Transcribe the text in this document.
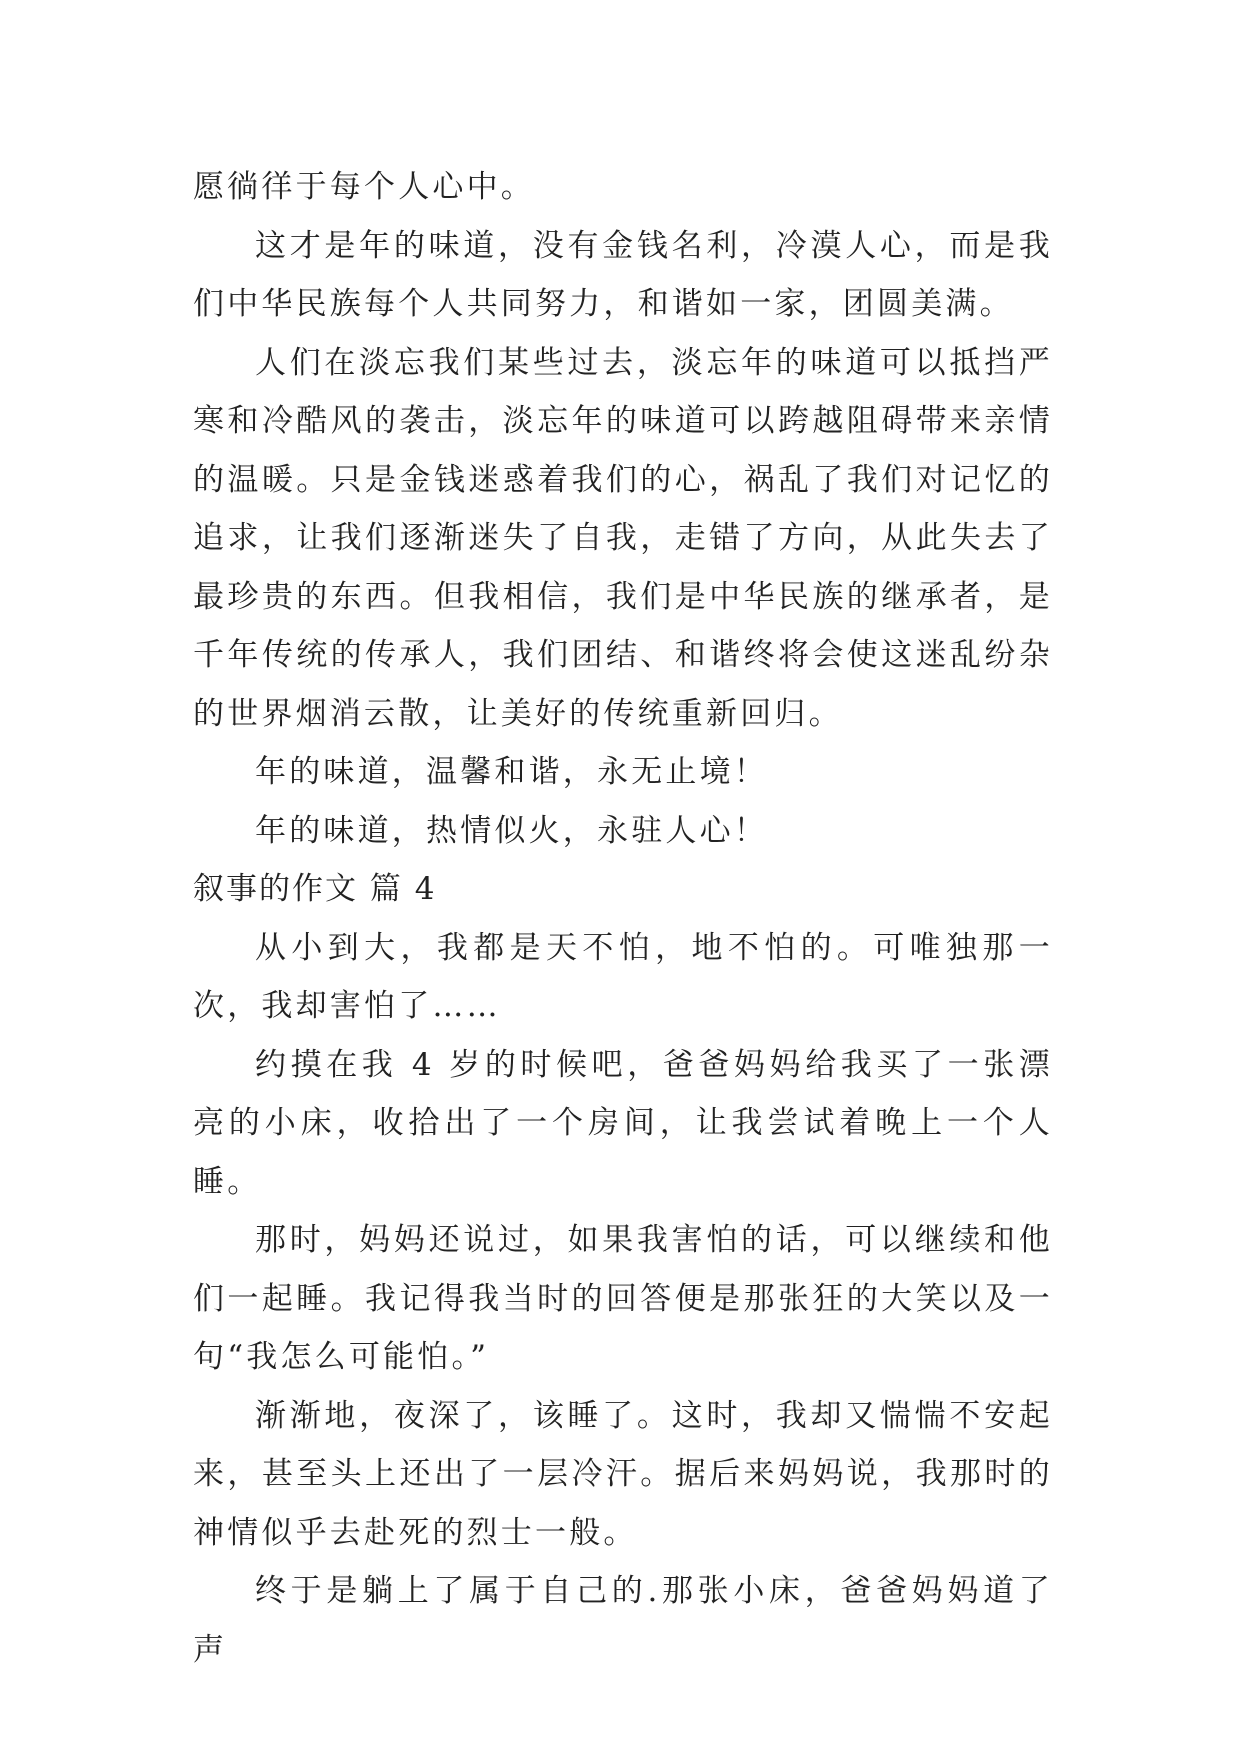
愿徜徉于每个人心中。

这才是年的味道，没有金钱名利，冷漠人心，而是我们中华民族每个人共同努力，和谐如一家，团圆美满。

人们在淡忘我们某些过去，淡忘年的味道可以抵挡严寒和冷酷风的袭击，淡忘年的味道可以跨越阻碍带来亲情的温暖。只是金钱迷惑着我们的心，祸乱了我们对记忆的追求，让我们逐渐迷失了自我，走错了方向，从此失去了最珍贵的东西。但我相信，我们是中华民族的继承者，是千年传统的传承人，我们团结、和谐终将会使这迷乱纷杂的世界烟消云散，让美好的传统重新回归。

年的味道，温馨和谐，永无止境！

年的味道，热情似火，永驻人心！

叙事的作文 篇 4

从小到大，我都是天不怕，地不怕的。可唯独那一次，我却害怕了……

约摸在我 4 岁的时候吧，爸爸妈妈给我买了一张漂亮的小床，收拾出了一个房间，让我尝试着晚上一个人睡。

那时，妈妈还说过，如果我害怕的话，可以继续和他们一起睡。我记得我当时的回答便是那张狂的大笑以及一句“我怎么可能怕。”

渐渐地，夜深了，该睡了。这时，我却又惴惴不安起来，甚至头上还出了一层冷汗。据后来妈妈说，我那时的神情似乎去赴死的烈士一般。

终于是躺上了属于自己的.那张小床，爸爸妈妈道了声
